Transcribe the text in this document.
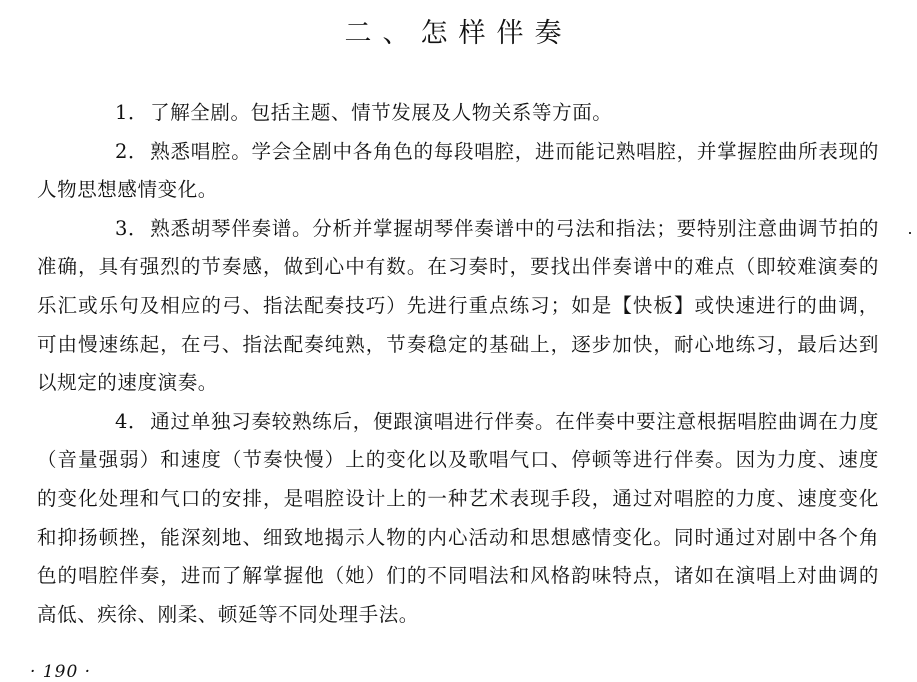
二、怎样伴奏

1． 了解全剧。包括主题、情节发展及人物关系等方面。

2． 熟悉唱腔。学会全剧中各角色的每段唱腔，进而能记熟唱腔，并掌握腔曲所表现的人物思想感情变化。

3． 熟悉胡琴伴奏谱。分析并掌握胡琴伴奏谱中的弓法和指法；要特别注意曲调节拍的准确，具有强烈的节奏感，做到心中有数。在习奏时，要找出伴奏谱中的难点（即较难演奏的乐汇或乐句及相应的弓、指法配奏技巧）先进行重点练习；如是【快板】或快速进行的曲调，可由慢速练起，在弓、指法配奏纯熟，节奏稳定的基础上，逐步加快，耐心地练习，最后达到以规定的速度演奏。

4． 通过单独习奏较熟练后，便跟演唱进行伴奏。在伴奏中要注意根据唱腔曲调在力度（音量强弱）和速度（节奏快慢）上的变化以及歌唱气口、停顿等进行伴奏。因为力度、速度的变化处理和气口的安排，是唱腔设计上的一种艺术表现手段，通过对唱腔的力度、速度变化和抑扬顿挫，能深刻地、细致地揭示人物的内心活动和思想感情变化。同时通过对剧中各个角色的唱腔伴奏，进而了解掌握他（她）们的不同唱法和风格韵味特点，诸如在演唱上对曲调的高低、疾徐、刚柔、顿延等不同处理手法。

· 190 ·
